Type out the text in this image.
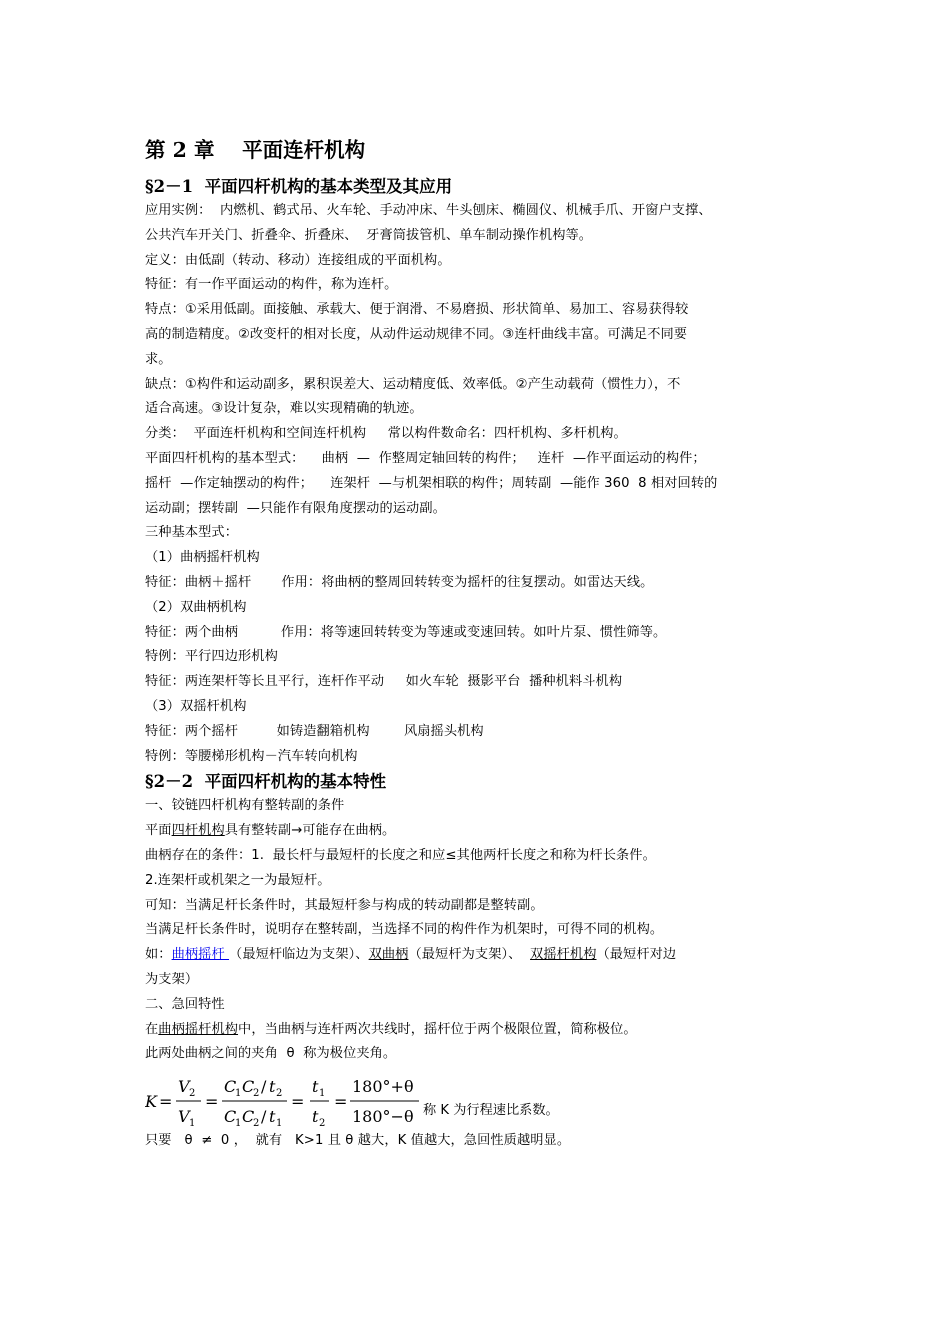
第 2 章　 平面连杆机构
§2－1  平面四杆机构的基本类型及其应用

应用实例：  内燃机、鹤式吊、火车轮、手动冲床、牛头刨床、椭圆仪、机械手爪、开窗户支撑、

公共汽车开关门、折叠伞、折叠床、  牙膏筒拔管机、单车制动操作机构等。

定义：由低副（转动、移动）连接组成的平面机构。

特征：有一作平面运动的构件，称为连杆。

特点：①采用低副。面接触、承载大、便于润滑、不易磨损、形状简单、易加工、容易获得较

高的制造精度。②改变杆的相对长度，从动件运动规律不同。③连杆曲线丰富。可满足不同要

求。

缺点：①构件和运动副多，累积误差大、运动精度低、效率低。②产生动载荷（惯性力），不

适合高速。③设计复杂，难以实现精确的轨迹。

分类：  平面连杆机构和空间连杆机构     常以构件数命名：四杆机构、多杆机构。

平面四杆机构的基本型式：    曲柄  —  作整周定轴回转的构件；   连杆  —作平面运动的构件；

摇杆  —作定轴摆动的构件；    连架杆  —与机架相联的构件；周转副  —能作 360  8 相对回转的

运动副；摆转副  —只能作有限角度摆动的运动副。

三种基本型式：

（1）曲柄摇杆机构

特征：曲柄＋摇杆       作用：将曲柄的整周回转转变为摇杆的往复摆动。如雷达天线。

（2）双曲柄机构

特征：两个曲柄          作用：将等速回转转变为等速或变速回转。如叶片泵、惯性筛等。

特例：平行四边形机构

特征：两连架杆等长且平行，连杆作平动     如火车轮  摄影平台  播种机料斗机构

（3）双摇杆机构

特征：两个摇杆         如铸造翻箱机构        风扇摇头机构

特例：等腰梯形机构－汽车转向机构

§2－2  平面四杆机构的基本特性

一、铰链四杆机构有整转副的条件

平面四杆机构具有整转副→可能存在曲柄。

曲柄存在的条件：1.  最长杆与最短杆的长度之和应≤其他两杆长度之和称为杆长条件。

2.连架杆或机架之一为最短杆。

可知：当满足杆长条件时，其最短杆参与构成的转动副都是整转副。

当满足杆长条件时，说明存在整转副，当选择不同的构件作为机架时，可得不同的机构。

如：曲柄摇杆 （最短杆临边为支架）、双曲柄（最短杆为支架）、  双摇杆机构（最短杆对边

为支架）

二、急回特性

在曲柄摇杆机构中，当曲柄与连杆两次共线时，摇杆位于两个极限位置，简称极位。

此两处曲柄之间的夹角  θ  称为极位夹角。

K =
V 2
V 1
=
C
1 C
2 / t 2
C
1 C
2 / t 1
=
t 1
t 2
=
180°+θ
180°−θ 称 K 为行程速比系数。

只要   θ  ≠  0 ，  就有   K>1 且 θ 越大，K 值越大，急回性质越明显。
